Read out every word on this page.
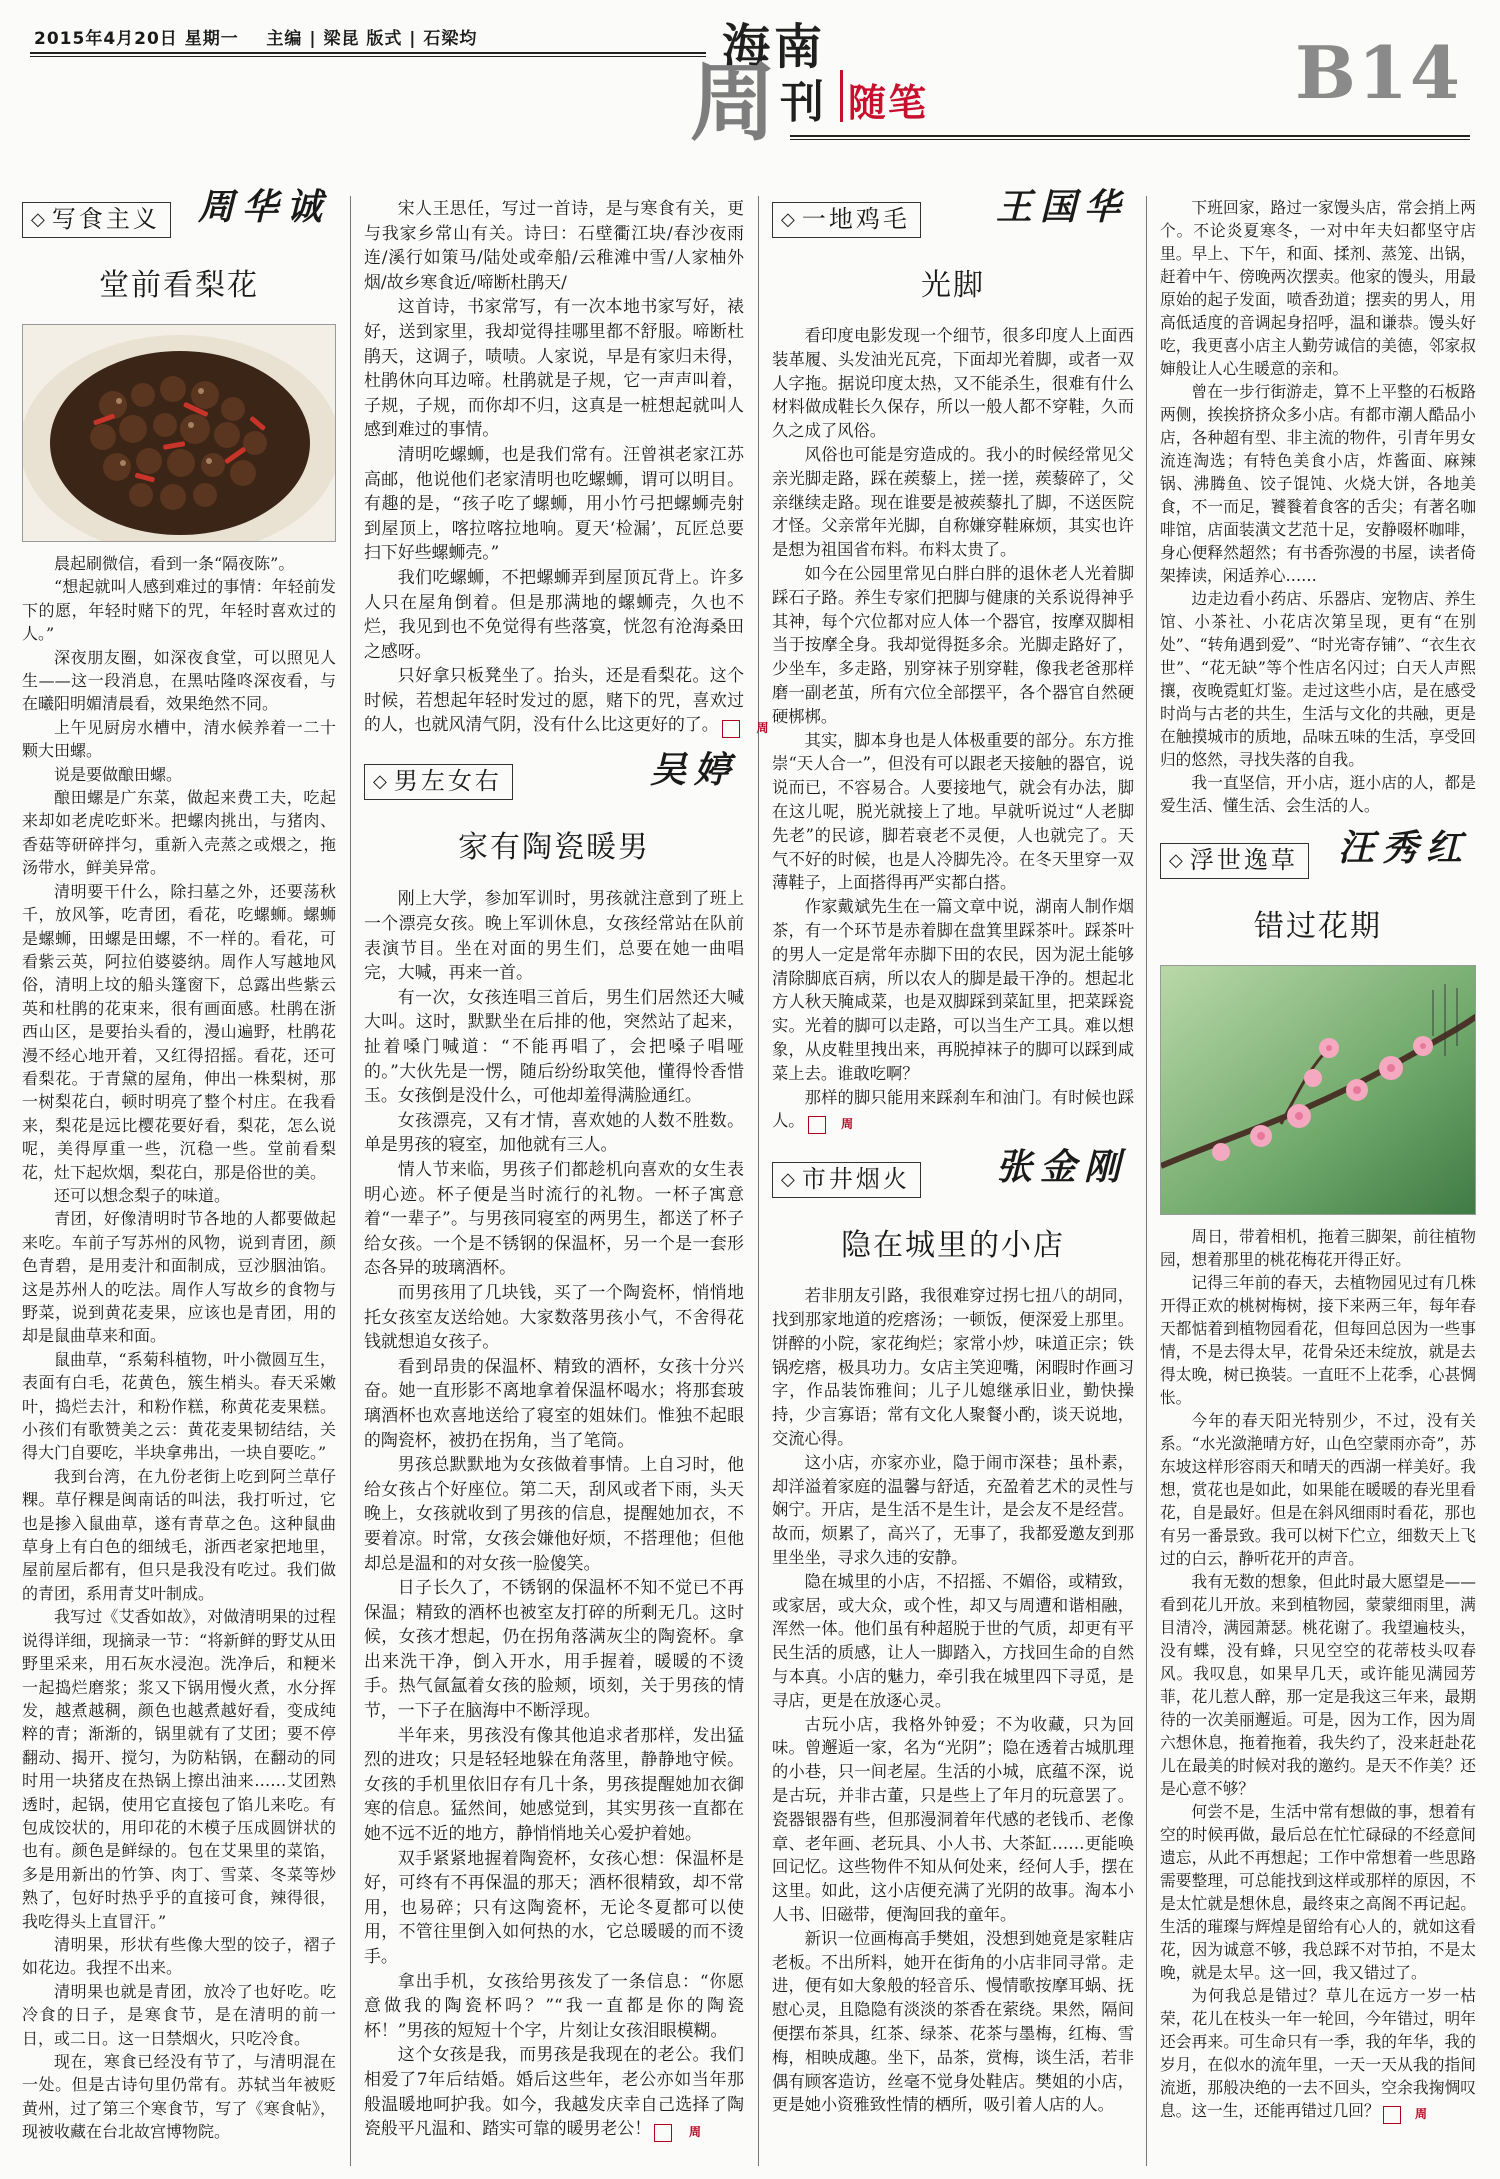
2015年4月20日 星期一 主编 | 梁昆 版式 | 石梁均	海南
周 刊 随笔	B14
◇ 写食主义	周华诚
堂前看梨花

晨起刷微信，看到一条“隔夜陈”。

“想起就叫人感到难过的事情：年轻前发下的愿，年轻时赌下的咒，年轻时喜欢过的人。”

深夜朋友圈，如深夜食堂，可以照见人生——这一段消息，在黑咕隆咚深夜看，与在曦阳明媚清晨看，效果绝然不同。

上午见厨房水槽中，清水候养着一二十颗大田螺。

说是要做酿田螺。

酿田螺是广东菜，做起来费工夫，吃起来却如老虎吃虾米。把螺肉挑出，与猪肉、香菇等研碎拌匀，重新入壳蒸之或煨之，拖汤带水，鲜美异常。

清明要干什么，除扫墓之外，还要荡秋千，放风筝，吃青团，看花，吃螺蛳。螺蛳是螺蛳，田螺是田螺，不一样的。看花，可看紫云英，阿拉伯婆婆纳。周作人写越地风俗，清明上坟的船头篷窗下，总露出些紫云英和杜鹃的花束来，很有画面感。杜鹃在浙西山区，是要抬头看的，漫山遍野，杜鹃花漫不经心地开着，又红得招摇。看花，还可看梨花。于青黛的屋角，伸出一株梨树，那一树梨花白，顿时明亮了整个村庄。在我看来，梨花是远比樱花要好看，梨花，怎么说呢，美得厚重一些，沉稳一些。堂前看梨花，灶下起炊烟，梨花白，那是俗世的美。

还可以想念梨子的味道。

青团，好像清明时节各地的人都要做起来吃。车前子写苏州的风物，说到青团，颜色青碧，是用麦汁和面制成，豆沙胭油馅。这是苏州人的吃法。周作人写故乡的食物与野菜，说到黄花麦果，应该也是青团，用的却是鼠曲草来和面。

鼠曲草，“系菊科植物，叶小微圆互生，表面有白毛，花黄色，簇生梢头。春天采嫩叶，捣烂去汁，和粉作糕，称黄花麦果糕。小孩们有歌赞美之云：黄花麦果韧结结，关得大门自要吃，半块拿弗出，一块自要吃。”

我到台湾，在九份老街上吃到阿兰草仔粿。草仔粿是闽南话的叫法，我打听过，它也是掺入鼠曲草，遂有青草之色。这种鼠曲草身上有白色的细绒毛，浙西老家把地里，屋前屋后都有，但只是我没有吃过。我们做的青团，系用青艾叶制成。

我写过《艾香如故》，对做清明果的过程说得详细，现摘录一节：“将新鲜的野艾从田野里采来，用石灰水浸泡。洗净后，和粳米一起捣烂磨浆；浆又下锅用慢火煮，水分挥发，越煮越稠，颜色也越煮越好看，变成纯粹的青；渐渐的，锅里就有了艾团；要不停翻动、揭开、搅匀，为防粘锅，在翻动的同时用一块猪皮在热锅上擦出油来……艾团熟透时，起锅，使用它直接包了馅儿来吃。有包成饺状的，用印花的木模子压成圆饼状的也有。颜色是鲜绿的。包在艾果里的菜馅，多是用新出的竹笋、肉丁、雪菜、冬菜等炒熟了，包好时热乎乎的直接可食，辣得很，我吃得头上直冒汗。”

清明果，形状有些像大型的饺子，褶子如花边。我捏不出来。

清明果也就是青团，放冷了也好吃。吃冷食的日子，是寒食节，是在清明的前一日，或二日。这一日禁烟火，只吃冷食。

现在，寒食已经没有节了，与清明混在一处。但是古诗句里仍常有。苏轼当年被贬黄州，过了第三个寒食节，写了《寒食帖》，现被收藏在台北故宫博物院。

宋人王思任，写过一首诗，是与寒食有关，更与我家乡常山有关。诗曰：石壁衢江块/春沙夜雨连/溪行如策马/陆处或牵船/云稚滩中雪/人家柚外烟/故乡寒食近/啼断杜鹃天/

这首诗，书家常写，有一次本地书家写好，裱好，送到家里，我却觉得挂哪里都不舒服。啼断杜鹃天，这调子，啧啧。人家说，早是有家归未得，杜鹃休向耳边啼。杜鹃就是子规，它一声声叫着，子规，子规，而你却不归，这真是一桩想起就叫人感到难过的事情。

清明吃螺蛳，也是我们常有。汪曾祺老家江苏高邮，他说他们老家清明也吃螺蛳，谓可以明目。有趣的是，“孩子吃了螺蛳，用小竹弓把螺蛳壳射到屋顶上，喀拉喀拉地响。夏天‘检漏’，瓦匠总要扫下好些螺蛳壳。”

我们吃螺蛳，不把螺蛳弄到屋顶瓦背上。许多人只在屋角倒着。但是那满地的螺蛳壳，久也不烂，我见到也不免觉得有些落寞，恍忽有沧海桑田之感呀。

只好拿只板凳坐了。抬头，还是看梨花。这个时候，若想起年轻时发过的愿，赌下的咒，喜欢过的人，也就风清气阴，没有什么比这更好的了。	周

◇ 男左女右	吴婷
家有陶瓷暖男

刚上大学，参加军训时，男孩就注意到了班上一个漂亮女孩。晚上军训休息，女孩经常站在队前表演节目。坐在对面的男生们，总要在她一曲唱完，大喊，再来一首。

有一次，女孩连唱三首后，男生们居然还大喊大叫。这时，默默坐在后排的他，突然站了起来，扯着嗓门喊道：“不能再唱了，会把嗓子唱哑的。”大伙先是一愣，随后纷纷取笑他，懂得怜香惜玉。女孩倒是没什么，可他却羞得满脸通红。

女孩漂亮，又有才情，喜欢她的人数不胜数。单是男孩的寝室，加他就有三人。

情人节来临，男孩子们都趁机向喜欢的女生表明心迹。杯子便是当时流行的礼物。一杯子寓意着“一辈子”。与男孩同寝室的两男生，都送了杯子给女孩。一个是不锈钢的保温杯，另一个是一套形态各异的玻璃酒杯。

而男孩用了几块钱，买了一个陶瓷杯，悄悄地托女孩室友送给她。大家数落男孩小气，不舍得花钱就想追女孩子。

看到昂贵的保温杯、精致的酒杯，女孩十分兴奋。她一直形影不离地拿着保温杯喝水；将那套玻璃酒杯也欢喜地送给了寝室的姐妹们。惟独不起眼的陶瓷杯，被扔在拐角，当了笔筒。

男孩总默默地为女孩做着事情。上自习时，他给女孩占个好座位。第二天，刮风或者下雨，头天晚上，女孩就收到了男孩的信息，提醒她加衣，不要着凉。时常，女孩会嫌他好烦，不搭理他；但他却总是温和的对女孩一脸傻笑。

日子长久了，不锈钢的保温杯不知不觉已不再保温；精致的酒杯也被室友打碎的所剩无几。这时候，女孩才想起，仍在拐角落满灰尘的陶瓷杯。拿出来洗干净，倒入开水，用手握着，暖暖的不烫手。热气氤氲着女孩的脸颊，顷刻，关于男孩的情节，一下子在脑海中不断浮现。

半年来，男孩没有像其他追求者那样，发出猛烈的进攻；只是轻轻地躲在角落里，静静地守候。女孩的手机里依旧存有几十条，男孩提醒她加衣御寒的信息。猛然间，她感觉到，其实男孩一直都在她不远不近的地方，静悄悄地关心爱护着她。

双手紧紧地握着陶瓷杯，女孩心想：保温杯是好，可终有不再保温的那天；酒杯很精致，却不常用，也易碎；只有这陶瓷杯，无论冬夏都可以使用，不管往里倒入如何热的水，它总暖暖的而不烫手。

拿出手机，女孩给男孩发了一条信息：“你愿意做我的陶瓷杯吗？”“我一直都是你的陶瓷杯！”男孩的短短十个字，片刻让女孩泪眼模糊。

这个女孩是我，而男孩是我现在的老公。我们相爱了7年后结婚。婚后这些年，老公亦如当年那般温暖地呵护我。如今，我越发庆幸自己选择了陶瓷般平凡温和、踏实可靠的暖男老公！	周

◇ 一地鸡毛	王国华
光脚

看印度电影发现一个细节，很多印度人上面西装革履、头发油光瓦亮，下面却光着脚，或者一双人字拖。据说印度太热，又不能杀生，很难有什么材料做成鞋长久保存，所以一般人都不穿鞋，久而久之成了风俗。

风俗也可能是穷造成的。我小的时候经常见父亲光脚走路，踩在蒺藜上，搓一搓，蒺藜碎了，父亲继续走路。现在谁要是被蒺藜扎了脚，不送医院才怪。父亲常年光脚，自称嫌穿鞋麻烦，其实也许是想为祖国省布料。布料太贵了。

如今在公园里常见白胖白胖的退休老人光着脚踩石子路。养生专家们把脚与健康的关系说得神乎其神，每个穴位都对应人体一个器官，按摩双脚相当于按摩全身。我却觉得挺多余。光脚走路好了，少坐车，多走路，别穿袜子别穿鞋，像我老爸那样磨一副老茧，所有穴位全部摆平，各个器官自然硬硬梆梆。

其实，脚本身也是人体极重要的部分。东方推崇“天人合一”，但没有可以跟老天接触的器官，说说而已，不容易合。人要接地气，就会有办法，脚在这儿呢，脱光就接上了地。早就听说过“人老脚先老”的民谚，脚若衰老不灵便，人也就完了。天气不好的时候，也是人冷脚先冷。在冬天里穿一双薄鞋子，上面搭得再严实都白搭。

作家戴斌先生在一篇文章中说，湖南人制作烟茶，有一个环节是赤着脚在盘箕里踩茶叶。踩茶叶的男人一定是常年赤脚下田的农民，因为泥土能够清除脚底百病，所以农人的脚是最干净的。想起北方人秋天腌咸菜，也是双脚踩到菜缸里，把菜踩瓷实。光着的脚可以走路，可以当生产工具。难以想象，从皮鞋里拽出来，再脱掉袜子的脚可以踩到咸菜上去。谁敢吃啊？

那样的脚只能用来踩刹车和油门。有时候也踩人。	周

◇ 市井烟火	张金刚
隐在城里的小店

若非朋友引路，我很难穿过拐七扭八的胡同，找到那家地道的疙瘩汤；一顿饭，便深爱上那里。饼醉的小院，家花绚烂；家常小炒，味道正宗；铁锅疙瘩，极具功力。女店主笑迎嘴，闲暇时作画习字，作品装饰雅间；儿子儿媳继承旧业，勤快操持，少言寡语；常有文化人聚餐小酌，谈天说地，交流心得。

这小店，亦家亦业，隐于闹市深巷；虽朴素，却洋溢着家庭的温馨与舒适，充盈着艺术的灵性与娴宁。开店，是生活不是生计，是会友不是经营。故而，烦累了，高兴了，无事了，我都爱邀友到那里坐坐，寻求久违的安静。

隐在城里的小店，不招摇、不媚俗，或精致，或家居，或大众，或个性，却又与周遭和谐相融，浑然一体。他们虽有种超脱于世的气质，却更有平民生活的质感，让人一脚踏入，方找回生命的自然与本真。小店的魅力，牵引我在城里四下寻觅，是寻店，更是在放逐心灵。

古玩小店，我格外钟爱；不为收藏，只为回味。曾邂逅一家，名为“光阴”；隐在透着古城肌理的小巷，只一间老屋。生活的小城，底蕴不深，说是古玩，并非古董，只是些上了年月的玩意罢了。瓷器银器有些，但那漫洞着年代感的老钱币、老像章、老年画、老玩具、小人书、大茶缸……更能唤回记忆。这些物件不知从何处来，经何人手，摆在这里。如此，这小店便充满了光阴的故事。淘本小人书、旧磁带，便淘回我的童年。

新识一位画梅高手樊姐，没想到她竟是家鞋店老板。不出所料，她开在街角的小店非同寻常。走进，便有如大象般的轻音乐、慢情歌按摩耳蜗、抚慰心灵，且隐隐有淡淡的茶香在萦绕。果然，隔间便摆布茶具，红茶、绿茶、花茶与墨梅，红梅、雪梅，相映成趣。坐下，品茶，赏梅，谈生活，若非偶有顾客造访，丝毫不觉身处鞋店。樊姐的小店，更是她小资雅致性情的栖所，吸引着人店的人。

下班回家，路过一家馒头店，常会捎上两个。不论炎夏寒冬，一对中年夫妇都坚守店里。早上、下午，和面、揉剂、蒸笼、出锅，赶着中午、傍晚两次摆卖。他家的馒头，用最原始的起子发面，喷香劲道；摆卖的男人，用高低适度的音调起身招呼，温和谦恭。馒头好吃，我更喜小店主人勤劳诚信的美德，邻家叔婶般让人心生暖意的亲和。

曾在一步行街游走，算不上平整的石板路两侧，挨挨挤挤众多小店。有都市潮人酷品小店，各种超有型、非主流的物件，引青年男女流连淘选；有特色美食小店，炸酱面、麻辣锅、沸腾鱼、饺子馄饨、火烧大饼，各地美食，不一而足，饕餮着食客的舌尖；有著名咖啡馆，店面装潢文艺范十足，安静啜杯咖啡，身心便释然超然；有书香弥漫的书屋，读者倚架捧读，闲适养心……

边走边看小药店、乐器店、宠物店、养生馆、小茶社、小花店次第呈现，更有“在别处”、“转角遇到爱”、“时光寄存铺”、“衣生衣世”、“花无缺”等个性店名闪过；白天人声熙攘，夜晚霓虹灯鉴。走过这些小店，是在感受时尚与古老的共生，生活与文化的共融，更是在触摸城市的质地，品味五味的生活，享受回归的悠然，寻找失落的自我。

我一直坚信，开小店，逛小店的人，都是爱生活、懂生活、会生活的人。

◇ 浮世逸草	汪秀红
错过花期

周日，带着相机，拖着三脚架，前往植物园，想着那里的桃花梅花开得正好。

记得三年前的春天，去植物园见过有几株开得正欢的桃树梅树，接下来两三年，每年春天都惦着到植物园看花，但每回总因为一些事情，不是去得太早，花骨朵还未绽放，就是去得太晚，树已换装。一直旺不上花季，心甚惆怅。

今年的春天阳光特别少，不过，没有关系。“水光潋滟晴方好，山色空蒙雨亦奇”，苏东坡这样形容雨天和晴天的西湖一样美好。我想，赏花也是如此，如果能在暖暖的春光里看花，自是最好。但是在斜风细雨时看花，那也有另一番景致。我可以树下伫立，细数天上飞过的白云，静听花开的声音。

我有无数的想象，但此时最大愿望是——看到花儿开放。来到植物园，蒙蒙细雨里，满目清冷，满园萧瑟。桃花谢了。我望遍枝头，没有蝶，没有蜂，只见空空的花蒂枝头叹春风。我叹息，如果早几天，或许能见满园芳菲，花儿惹人醉，那一定是我这三年来，最期待的一次美丽邂逅。可是，因为工作，因为周六想休息，拖着拖着，我失约了，没来赶赴花儿在最美的时候对我的邀约。是天不作美？还是心意不够？

何尝不是，生活中常有想做的事，想着有空的时候再做，最后总在忙忙碌碌的不经意间遗忘，从此不再想起；工作中常想着一些思路需要整理，可总能找到这样或那样的原因，不是太忙就是想休息，最终束之高阁不再记起。生活的璀璨与辉煌是留给有心人的，就如这看花，因为诚意不够，我总踩不对节拍，不是太晚，就是太早。这一回，我又错过了。

为何我总是错过？草儿在远方一岁一枯荣，花儿在枝头一年一轮回，今年错过，明年还会再来。可生命只有一季，我的年华，我的岁月，在似水的流年里，一天一天从我的指间流逝，那般决绝的一去不回头，空余我掬惆叹息。这一生，还能再错过几回？	周
